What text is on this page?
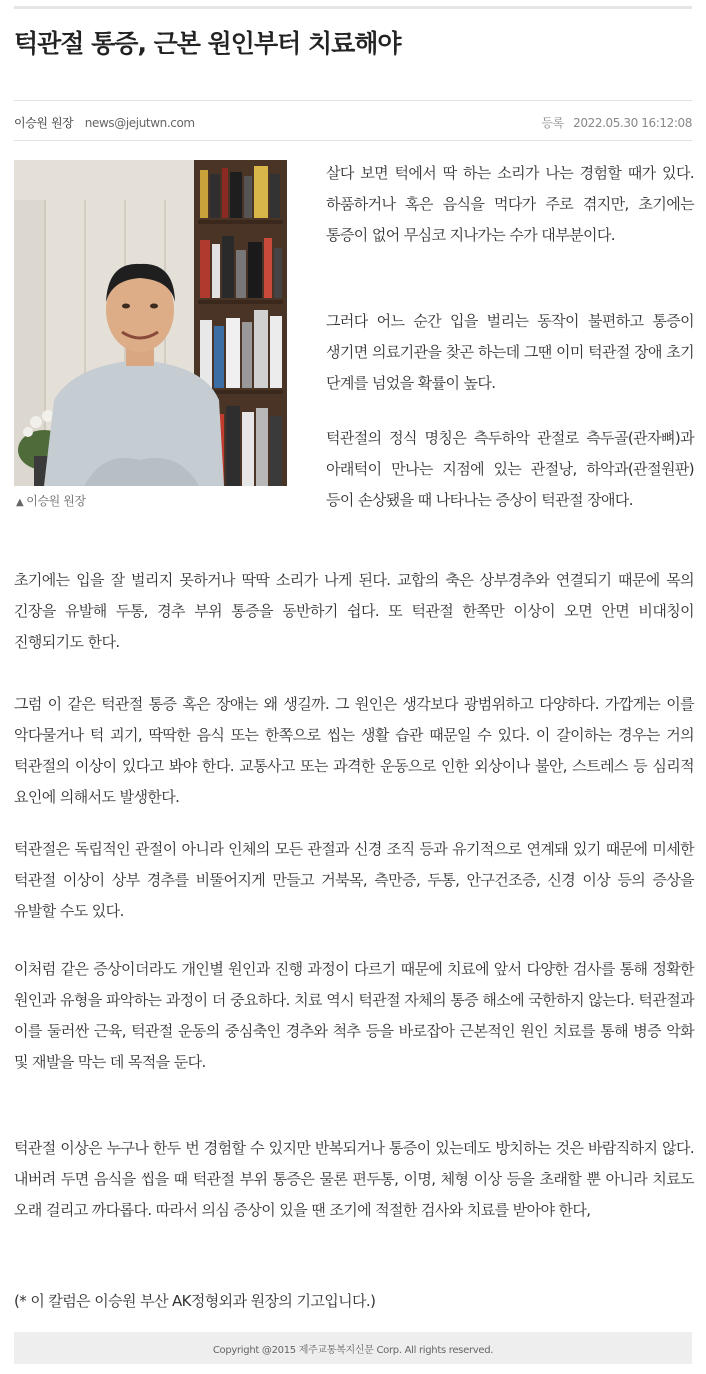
턱관절 통증, 근본 원인부터 치료해야
이승원 원장 news@jejutwn.com	등록 2022.05.30 16:12:08
▲ 이승원 원장

살다 보면 턱에서 딱 하는 소리가 나는 경험할 때가 있다. 하품하거나 혹은 음식을 먹다가 주로 겪지만, 초기에는 통증이 없어 무심코 지나가는 수가 대부분이다.

그러다 어느 순간 입을 벌리는 동작이 불편하고 통증이 생기면 의료기관을 찾곤 하는데 그땐 이미 턱관절 장애 초기 단계를 넘었을 확률이 높다.

턱관절의 정식 명칭은 측두하악 관절로 측두골(관자뼈)과 아래턱이 만나는 지점에 있는 관절낭, 하악과(관절원판) 등이 손상됐을 때 나타나는 증상이 턱관절 장애다.

초기에는 입을 잘 벌리지 못하거나 딱딱 소리가 나게 된다. 교합의 축은 상부경추와 연결되기 때문에 목의 긴장을 유발해 두통, 경추 부위 통증을 동반하기 쉽다. 또 턱관절 한쪽만 이상이 오면 안면 비대칭이 진행되기도 한다.

그럼 이 같은 턱관절 통증 혹은 장애는 왜 생길까. 그 원인은 생각보다 광범위하고 다양하다. 가깝게는 이를 악다물거나 턱 괴기, 딱딱한 음식 또는 한쪽으로 씹는 생활 습관 때문일 수 있다. 이 갈이하는 경우는 거의 턱관절의 이상이 있다고 봐야 한다. 교통사고 또는 과격한 운동으로 인한 외상이나 불안, 스트레스 등 심리적 요인에 의해서도 발생한다.

턱관절은 독립적인 관절이 아니라 인체의 모든 관절과 신경 조직 등과 유기적으로 연계돼 있기 때문에 미세한 턱관절 이상이 상부 경추를 비뚤어지게 만들고 거북목, 측만증, 두통, 안구건조증, 신경 이상 등의 증상을 유발할 수도 있다.

이처럼 같은 증상이더라도 개인별 원인과 진행 과정이 다르기 때문에 치료에 앞서 다양한 검사를 통해 정확한 원인과 유형을 파악하는 과정이 더 중요하다. 치료 역시 턱관절 자체의 통증 해소에 국한하지 않는다. 턱관절과 이를 둘러싼 근육, 턱관절 운동의 중심축인 경추와 척추 등을 바로잡아 근본적인 원인 치료를 통해 병증 악화 및 재발을 막는 데 목적을 둔다.

턱관절 이상은 누구나 한두 번 경험할 수 있지만 반복되거나 통증이 있는데도 방치하는 것은 바람직하지 않다. 내버려 두면 음식을 씹을 때 턱관절 부위 통증은 물론 편두통, 이명, 체형 이상 등을 초래할 뿐 아니라 치료도 오래 걸리고 까다롭다. 따라서 의심 증상이 있을 땐 조기에 적절한 검사와 치료를 받아야 한다,

(* 이 칼럼은 이승원 부산 AK정형외과 원장의 기고입니다.)

Copyright @2015 제주교통복지신문 Corp. All rights reserved.
